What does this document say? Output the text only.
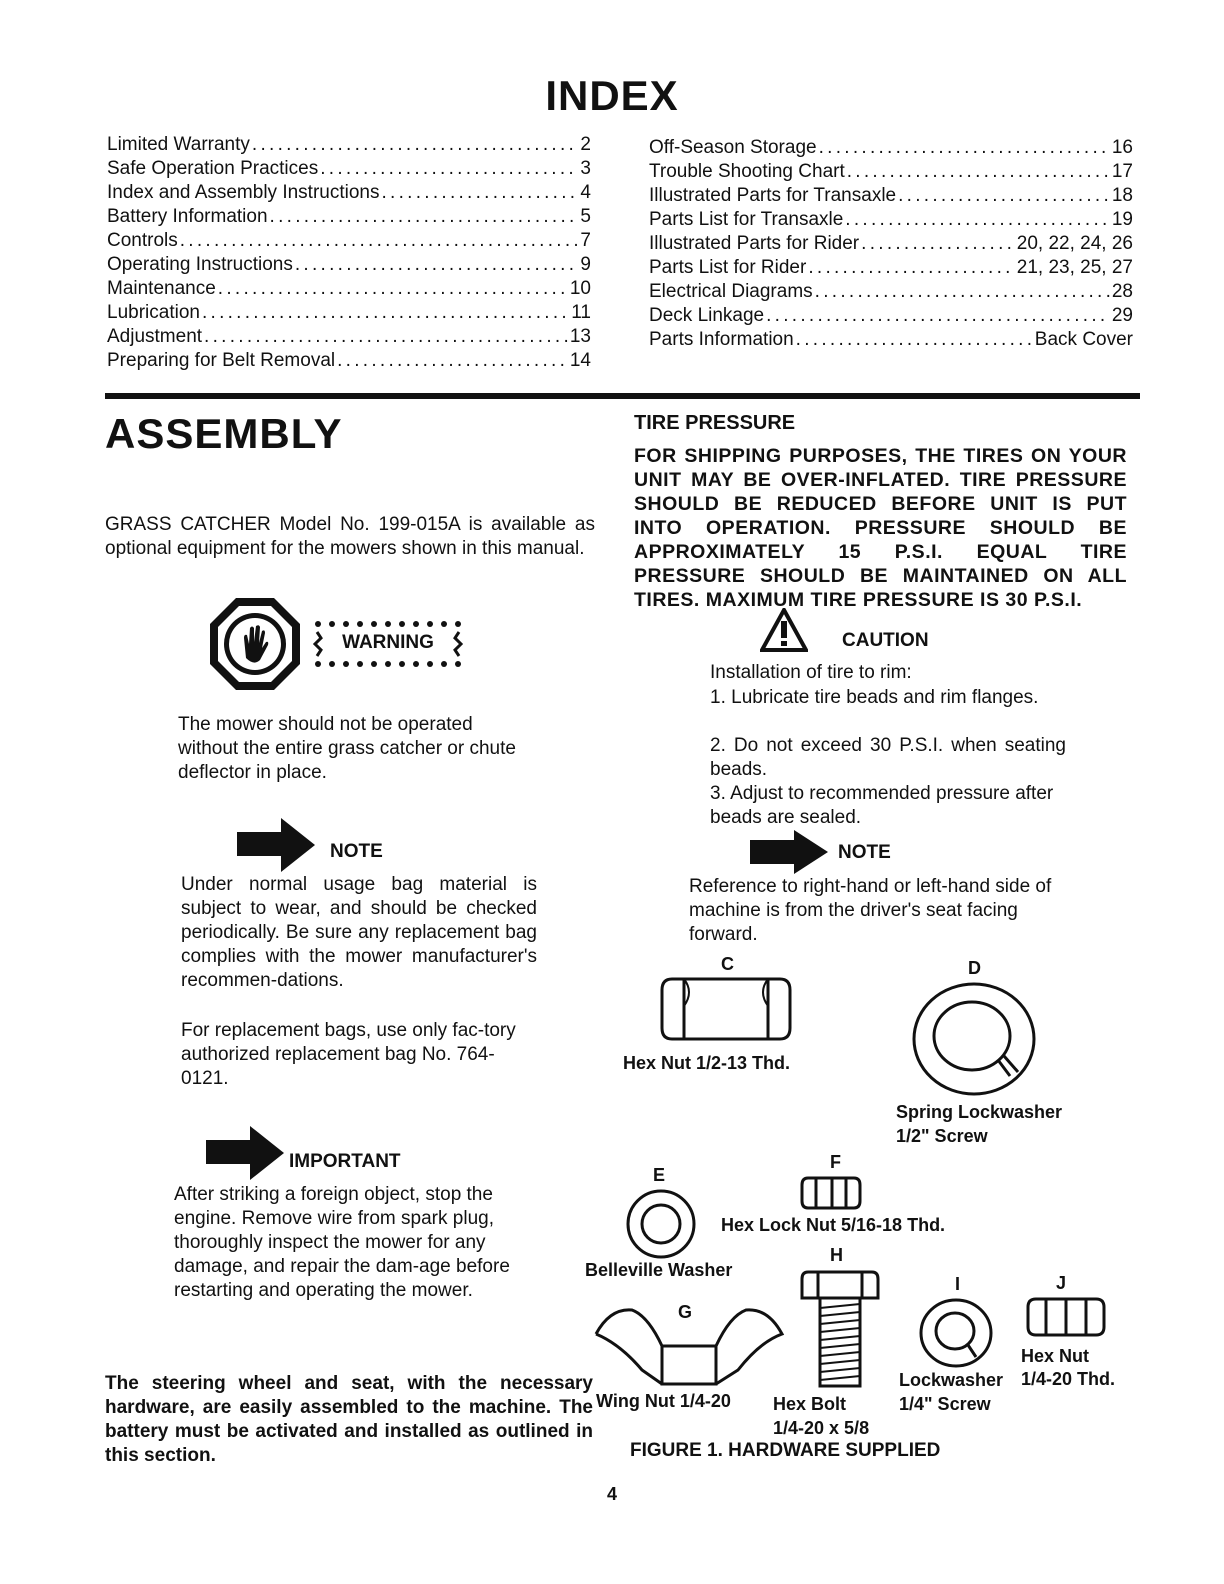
INDEX
Limited Warranty . . .	2
Safe Operation Practices . . .	3
Index and Assembly Instructions . . .	4
Battery Information . . .	5
Controls . . .	7
Operating Instructions . . .	9
Maintenance . . .	10
Lubrication . . .	11
Adjustment . . .	13
Preparing for Belt Removal . . .	14
Off-Season Storage . . .	16
Trouble Shooting Chart . . .	17
Illustrated Parts for Transaxle . . .	18
Parts List for Transaxle . . .	19
Illustrated Parts for Rider . . .	20, 22, 24, 26
Parts List for Rider . . .	21, 23, 25, 27
Electrical Diagrams . . .	28
Deck Linkage . . .	29
Parts Information . . .	Back Cover
ASSEMBLY
GRASS CATCHER Model No. 199-015A is available as optional equipment for the mowers shown in this manual.
WARNING
The mower should not be operated without the entire grass catcher or chute deflector in place.
NOTE
Under normal usage bag material is subject to wear, and should be checked periodically. Be sure any replacement bag complies with the mower manufacturer's recommen-dations.
For replacement bags, use only fac-tory authorized replacement bag No. 764-0121.
IMPORTANT
After striking a foreign object, stop the engine. Remove wire from spark plug, thoroughly inspect the mower for any damage, and repair the dam-age before restarting and operating the mower.
The steering wheel and seat, with the necessary hardware, are easily assembled to the machine. The battery must be activated and installed as outlined in this section.
TIRE PRESSURE
FOR SHIPPING PURPOSES, THE TIRES ON YOUR UNIT MAY BE OVER-INFLATED. TIRE PRESSURE SHOULD BE REDUCED BEFORE UNIT IS PUT INTO OPERATION. PRESSURE SHOULD BE APPROXIMATELY 15 P.S.I. EQUAL TIRE PRESSURE SHOULD BE MAINTAINED ON ALL TIRES. MAXIMUM TIRE PRESSURE IS 30 P.S.I.
CAUTION
Installation of tire to rim:
1. Lubricate tire beads and rim flanges.
2. Do not exceed 30 P.S.I. when seating beads.
3. Adjust to recommended pressure after beads are sealed.
NOTE
Reference to right-hand or left-hand side of machine is from the driver's seat facing forward.
C
Hex Nut 1/2-13 Thd.
D
Spring Lockwasher
1/2" Screw
E
Belleville Washer
F
Hex Lock Nut 5/16-18 Thd.
G
Wing Nut 1/4-20
H
Hex Bolt
1/4-20 x 5/8
I
Lockwasher
1/4" Screw
J
Hex Nut
1/4-20 Thd.
FIGURE 1. HARDWARE SUPPLIED
4
